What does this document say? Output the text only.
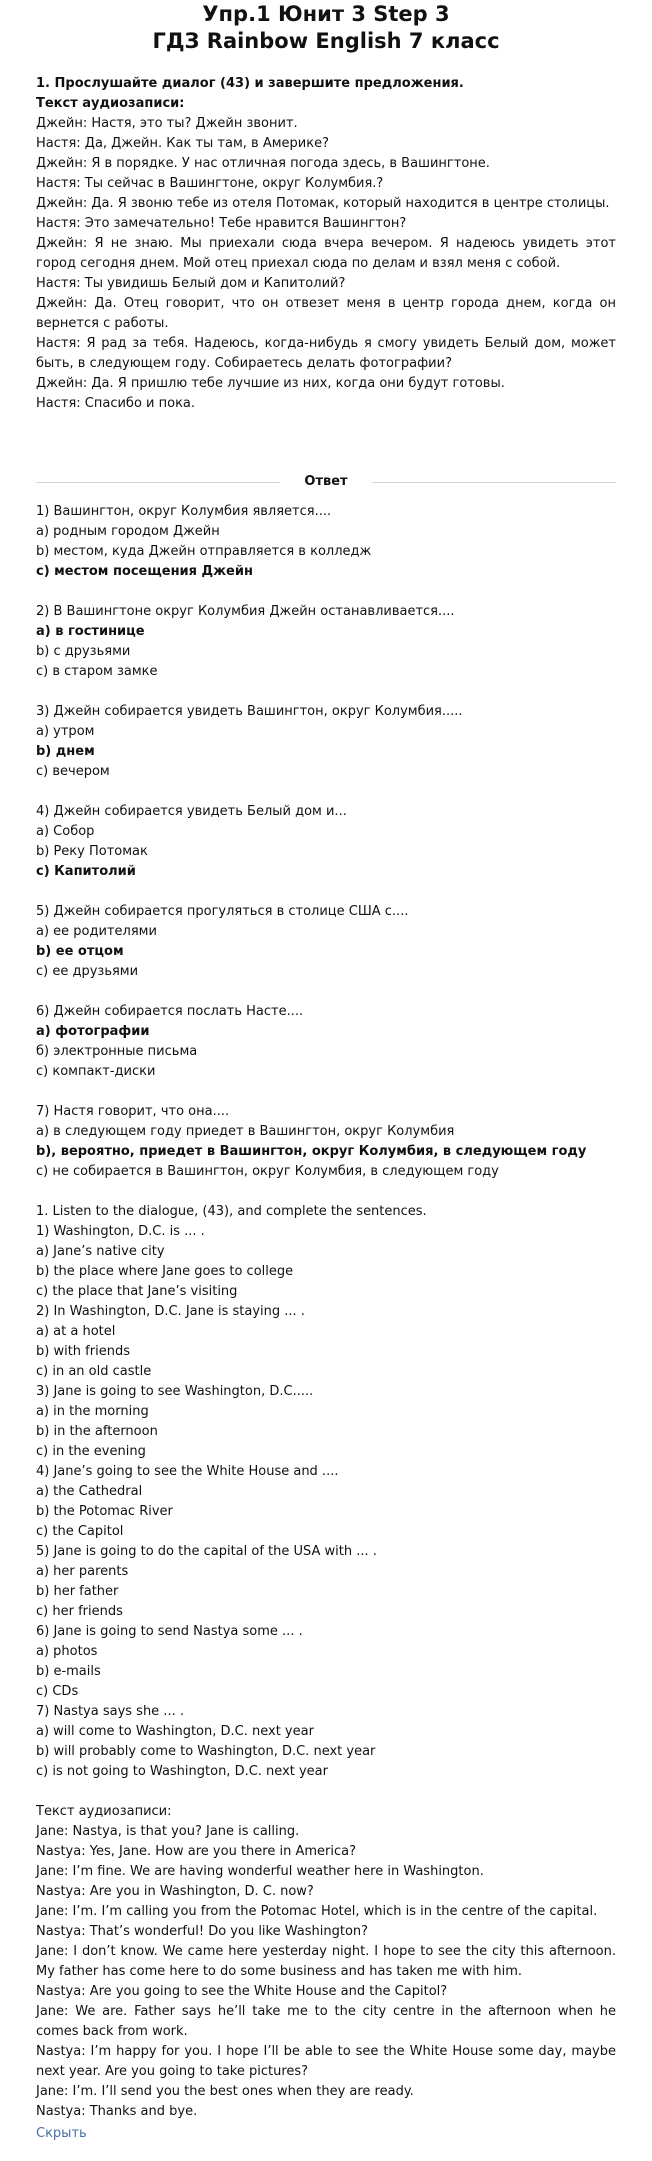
Упр.1 Юнит 3 Step 3
ГДЗ Rainbow English 7 класс
1. Прослушайте диалог (43) и завершите предложения.
Текст аудиозаписи:
Джейн: Настя, это ты? Джейн звонит.
Настя: Да, Джейн. Как ты там, в Америке?
Джейн: Я в порядке. У нас отличная погода здесь, в Вашингтоне.
Настя: Ты сейчас в Вашингтоне, округ Колумбия.?
Джейн: Да. Я звоню тебе из отеля Потомак, который находится в центре столицы.
Настя: Это замечательно! Тебе нравится Вашингтон?
Джейн: Я не знаю. Мы приехали сюда вчера вечером. Я надеюсь увидеть этот город сегодня днем. Мой отец приехал сюда по делам и взял меня с собой.
Настя: Ты увидишь Белый дом и Капитолий?
Джейн: Да. Отец говорит, что он отвезет меня в центр города днем, когда он вернется с работы.
Настя: Я рад за тебя. Надеюсь, когда-нибудь я смогу увидеть Белый дом, может быть, в следующем году. Собираетесь делать фотографии?
Джейн: Да. Я пришлю тебе лучшие из них, когда они будут готовы.
Настя: Спасибо и пока.
Ответ
1) Вашингтон, округ Колумбия является....
a) родным городом Джейн
b) местом, куда Джейн отправляется в колледж
c) местом посещения Джейн
2) В Вашингтоне округ Колумбия Джейн останавливается....
a) в гостинице
b) с друзьями
c) в старом замке
3) Джейн собирается увидеть Вашингтон, округ Колумбия.....
a) утром
b) днем
c) вечером
4) Джейн собирается увидеть Белый дом и...
a) Собор
b) Реку Потомак
c) Капитолий
5) Джейн собирается прогуляться в столице США с....
a) ее родителями
b) ее отцом
c) ее друзьями
6) Джейн собирается послать Насте....
a) фотографии
б) электронные письма
c) компакт-диски
7) Настя говорит, что она....
a) в следующем году приедет в Вашингтон, округ Колумбия
b), вероятно, приедет в Вашингтон, округ Колумбия, в следующем году
c) не собирается в Вашингтон, округ Колумбия, в следующем году
1. Listen to the dialogue, (43), and complete the sentences.
1) Washington, D.C. is ... .
a) Jane’s native city
b) the place where Jane goes to college
c) the place that Jane’s visiting
2) In Washington, D.C. Jane is staying ... .
a) at a hotel
b) with friends
c) in an old castle
3) Jane is going to see Washington, D.C.....
a) in the morning
b) in the afternoon
c) in the evening
4) Jane’s going to see the White House and ....
a) the Cathedral
b) the Potomac River
c) the Capitol
5) Jane is going to do the capital of the USA with ... .
a) her parents
b) her father
c) her friends
6) Jane is going to send Nastya some ... .
a) photos
b) e-mails
c) CDs
7) Nastya says she ... .
a) will come to Washington, D.C. next year
b) will probably come to Washington, D.C. next year
c) is not going to Washington, D.C. next year
Текст аудиозаписи:
Jane: Nastya, is that you? Jane is calling.
Nastya: Yes, Jane. How are you there in America?
Jane: I’m fine. We are having wonderful weather here in Washington.
Nastya: Are you in Washington, D. C. now?
Jane: I’m. I’m calling you from the Potomac Hotel, which is in the centre of the capital.
Nastya: That’s wonderful! Do you like Washington?
Jane: I don’t know. We came here yesterday night. I hope to see the city this afternoon. My father has come here to do some business and has taken me with him.
Nastya: Are you going to see the White House and the Capitol?
Jane: We are. Father says he’ll take me to the city centre in the afternoon when he comes back from work.
Nastya: I’m happy for you. I hope I’ll be able to see the White House some day, maybe next year. Are you going to take pictures?
Jane: I’m. I’ll send you the best ones when they are ready.
Nastya: Thanks and bye.
Скрыть
